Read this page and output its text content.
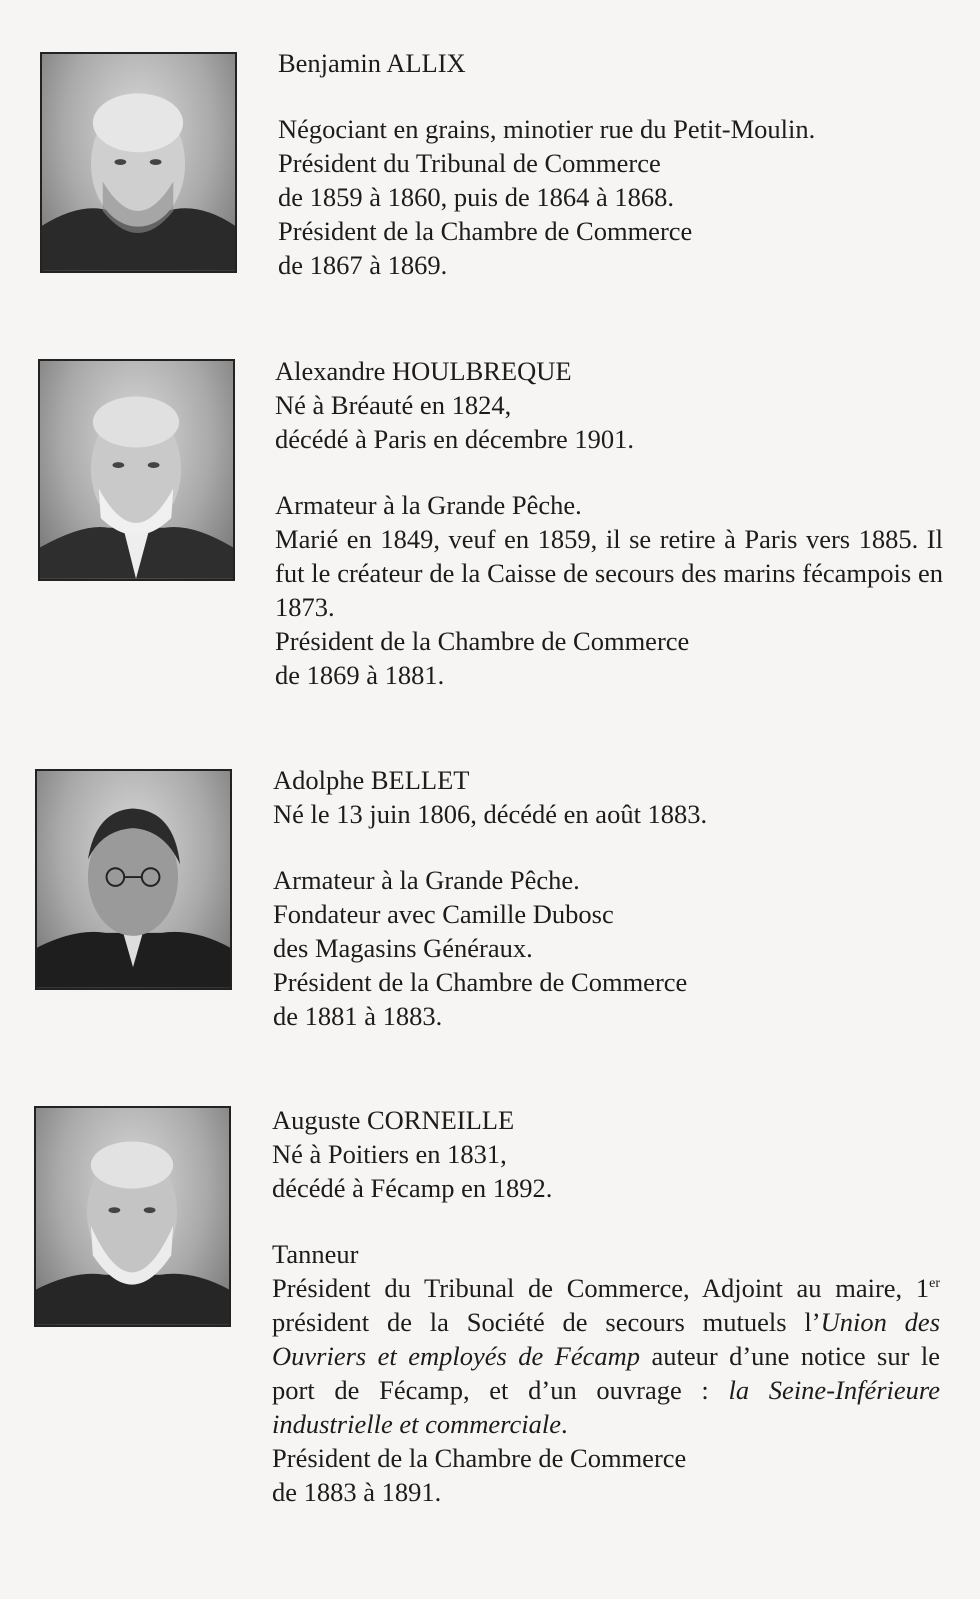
Benjamin ALLIX

Négociant en grains, minotier rue du Petit-Moulin.

Président du Tribunal de Commerce

de 1859 à 1860, puis de 1864 à 1868.

Président de la Chambre de Commerce

de 1867 à 1869.

Alexandre HOULBREQUE

Né à Bréauté en 1824,

décédé à Paris en décembre 1901.

Armateur à la Grande Pêche.

Marié en 1849, veuf en 1859, il se retire à Paris vers 1885. Il fut le créateur de la Caisse de secours des marins fécampois en 1873.

Président de la Chambre de Commerce

de 1869 à 1881.

Adolphe BELLET

Né le 13 juin 1806, décédé en août 1883.

Armateur à la Grande Pêche.

Fondateur avec Camille Dubosc

des Magasins Généraux.

Président de la Chambre de Commerce

de 1881 à 1883.

Auguste CORNEILLE

Né à Poitiers en 1831,

décédé à Fécamp en 1892.

Tanneur

Président du Tribunal de Commerce, Adjoint au maire, 1er président de la Société de secours mutuels l’Union des Ouvriers et employés de Fécamp auteur d’une notice sur le port de Fécamp, et d’un ouvrage : la Seine-Inférieure industrielle et commerciale.

Président de la Chambre de Commerce

de 1883 à 1891.
